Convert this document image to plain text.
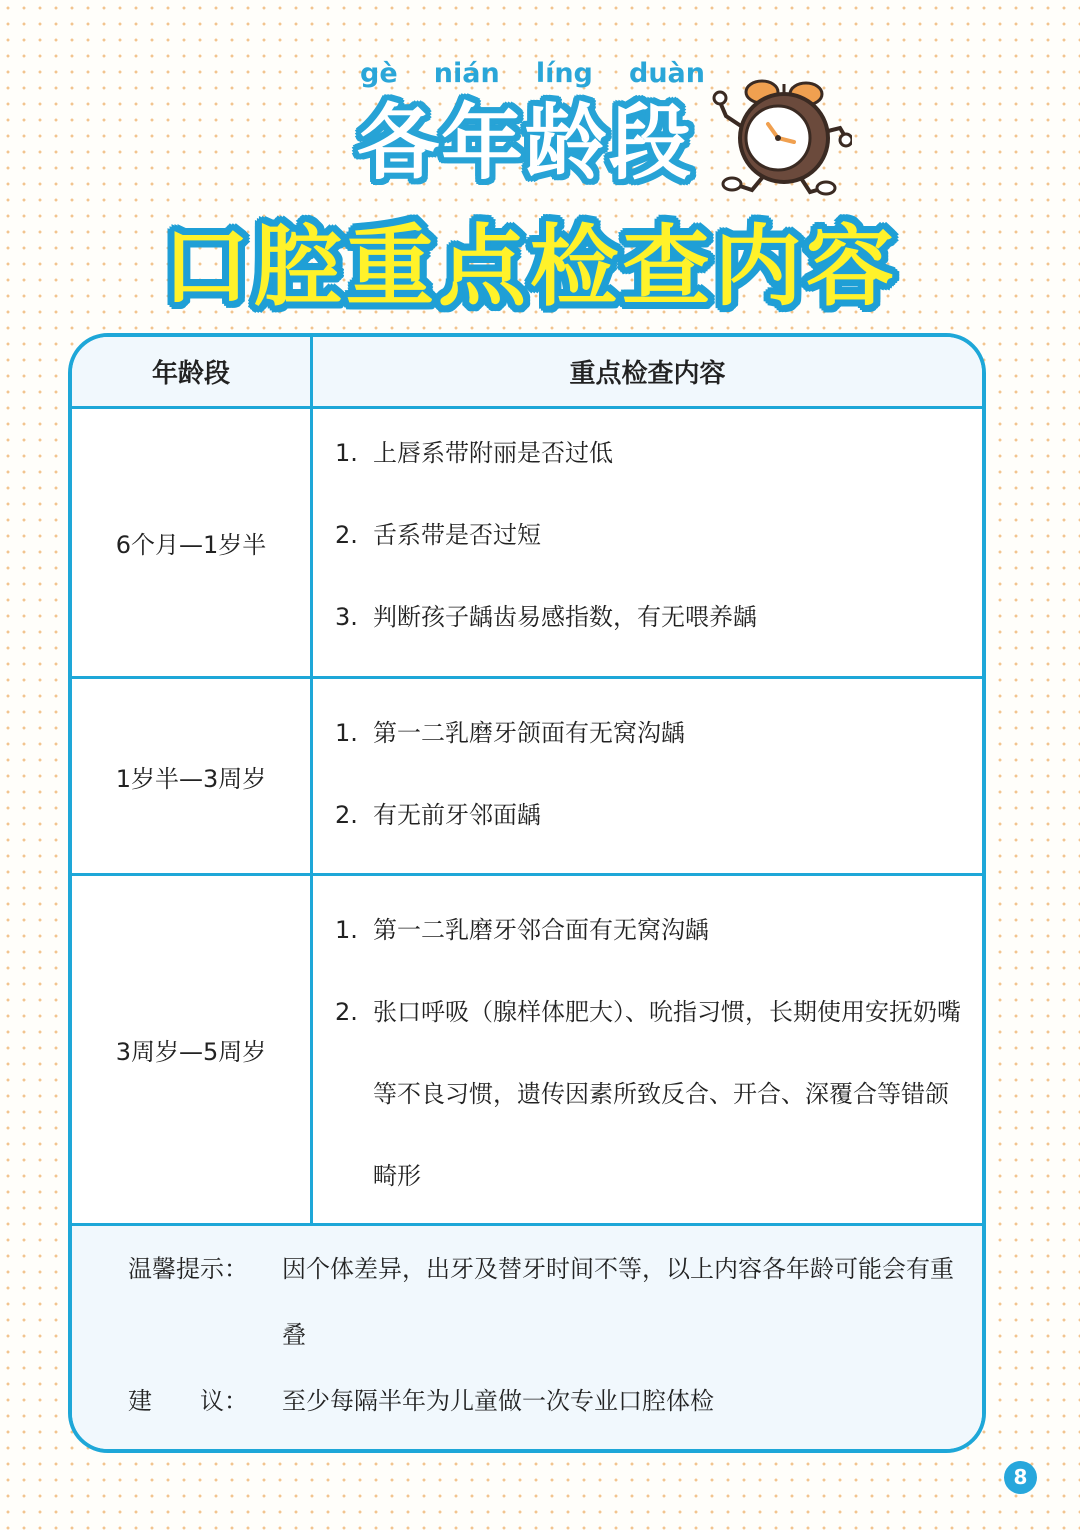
gè nián líng duàn
各年龄段
口腔重点检查内容
年龄段	重点检查内容
6个月—1岁半
1. 上唇系带附丽是否过低
2. 舌系带是否过短
3. 判断孩子龋齿易感指数，有无喂养龋
1岁半—3周岁
1. 第一二乳磨牙颌面有无窝沟龋
2. 有无前牙邻面龋
3周岁—5周岁
1. 第一二乳磨牙邻合面有无窝沟龋
2. 张口呼吸（腺样体肥大）、吮指习惯，长期使用安抚奶嘴等不良习惯，遗传因素所致反合、开合、深覆合等错颌畸形
温馨提示：	因个体差异，出牙及替牙时间不等，以上内容各年龄可能会有重叠
建　　议：	至少每隔半年为儿童做一次专业口腔体检
8
